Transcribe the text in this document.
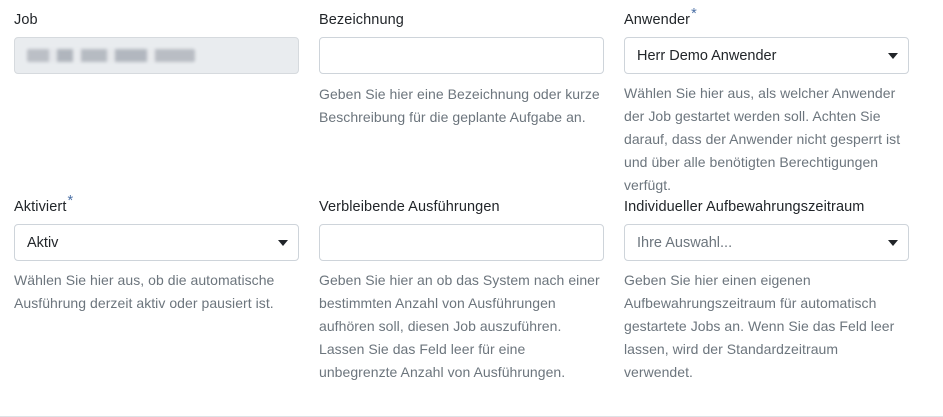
Job	Bezeichnung

Geben Sie hier eine Bezeichnung oder kurze Beschreibung für die geplante Aufgabe an.

Anwender*
Herr Demo Anwender

Wählen Sie hier aus, als welcher Anwender der Job gestartet werden soll. Achten Sie darauf, dass der Anwender nicht gesperrt ist und über alle benötigten Berechtigungen verfügt.

Aktiviert*
Aktiv

Wählen Sie hier aus, ob die automatische Ausführung derzeit aktiv oder pausiert ist.

Verbleibende Ausführungen

Geben Sie hier an ob das System nach einer bestimmten Anzahl von Ausführungen aufhören soll, diesen Job auszuführen. Lassen Sie das Feld leer für eine unbegrenzte Anzahl von Ausführungen.

Individueller Aufbewahrungszeitraum
Ihre Auswahl...

Geben Sie hier einen eigenen Aufbewahrungszeitraum für automatisch gestartete Jobs an. Wenn Sie das Feld leer lassen, wird der Standardzeitraum verwendet.
